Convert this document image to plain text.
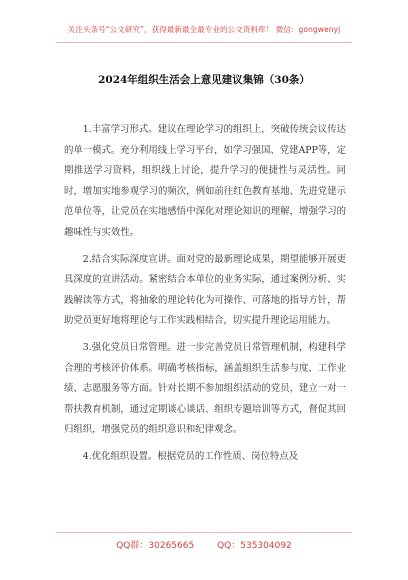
关注头条号“公文研究”，获得最新最全最专业的公文资料库！ 微信：gongwenyj
2024年组织生活会上意见建议集锦（30条）

1.丰富学习形式。建议在理论学习的组织上，突破传统会议传达的单一模式。充分利用线上学习平台，如学习强国、党建APP等，定期推送学习资料，组织线上讨论，提升学习的便捷性与灵活性。同时，增加实地参观学习的频次，例如前往红色教育基地、先进党建示范单位等，让党员在实地感悟中深化对理论知识的理解，增强学习的趣味性与实效性。

2.结合实际深度宣讲。面对党的最新理论成果，期望能够开展更具深度的宣讲活动。紧密结合本单位的业务实际，通过案例分析、实践解读等方式，将抽象的理论转化为可操作、可落地的指导方针，帮助党员更好地将理论与工作实践相结合，切实提升理论运用能力。

3.强化党员日常管理。进一步完善党员日常管理机制，构建科学合理的考核评价体系。明确考核指标，涵盖组织生活参与度、工作业绩、志愿服务等方面。针对长期不参加组织活动的党员，建立一对一帮扶教育机制，通过定期谈心谈话、组织专题培训等方式，督促其回归组织，增强党员的组织意识和纪律观念。

4.优化组织设置。根据党员的工作性质、岗位特点及

QQ群：30265665	QQ：535304092
